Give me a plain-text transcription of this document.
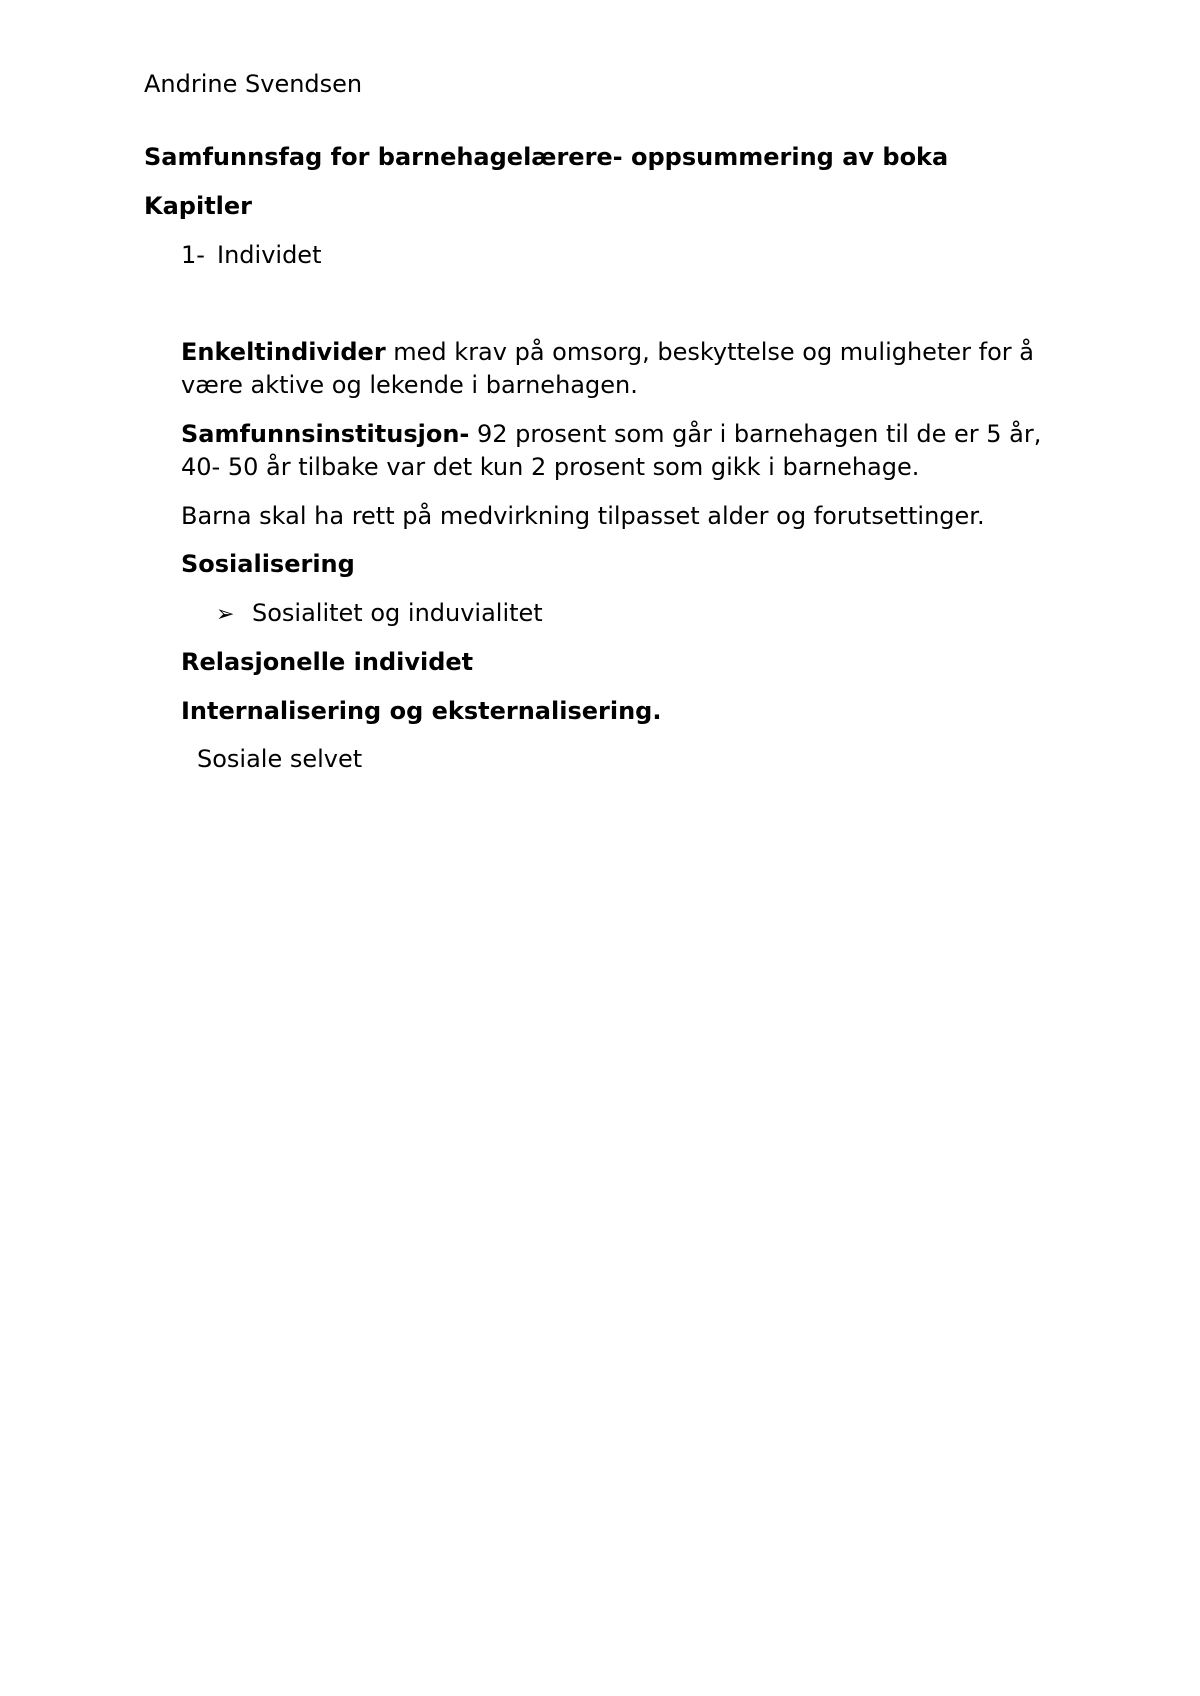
Andrine Svendsen
Samfunnsfag for barnehagelærere- oppsummering av boka
Kapitler
1- Individet
Enkeltindivider med krav på omsorg, beskyttelse og muligheter for å
være aktive og lekende i barnehagen.
Samfunnsinstitusjon- 92 prosent som går i barnehagen til de er 5 år,
40- 50 år tilbake var det kun 2 prosent som gikk i barnehage.
Barna skal ha rett på medvirkning tilpasset alder og forutsettinger.
Sosialisering
➢ Sosialitet og induvialitet
Relasjonelle individet
Internalisering og eksternalisering.
Sosiale selvet
